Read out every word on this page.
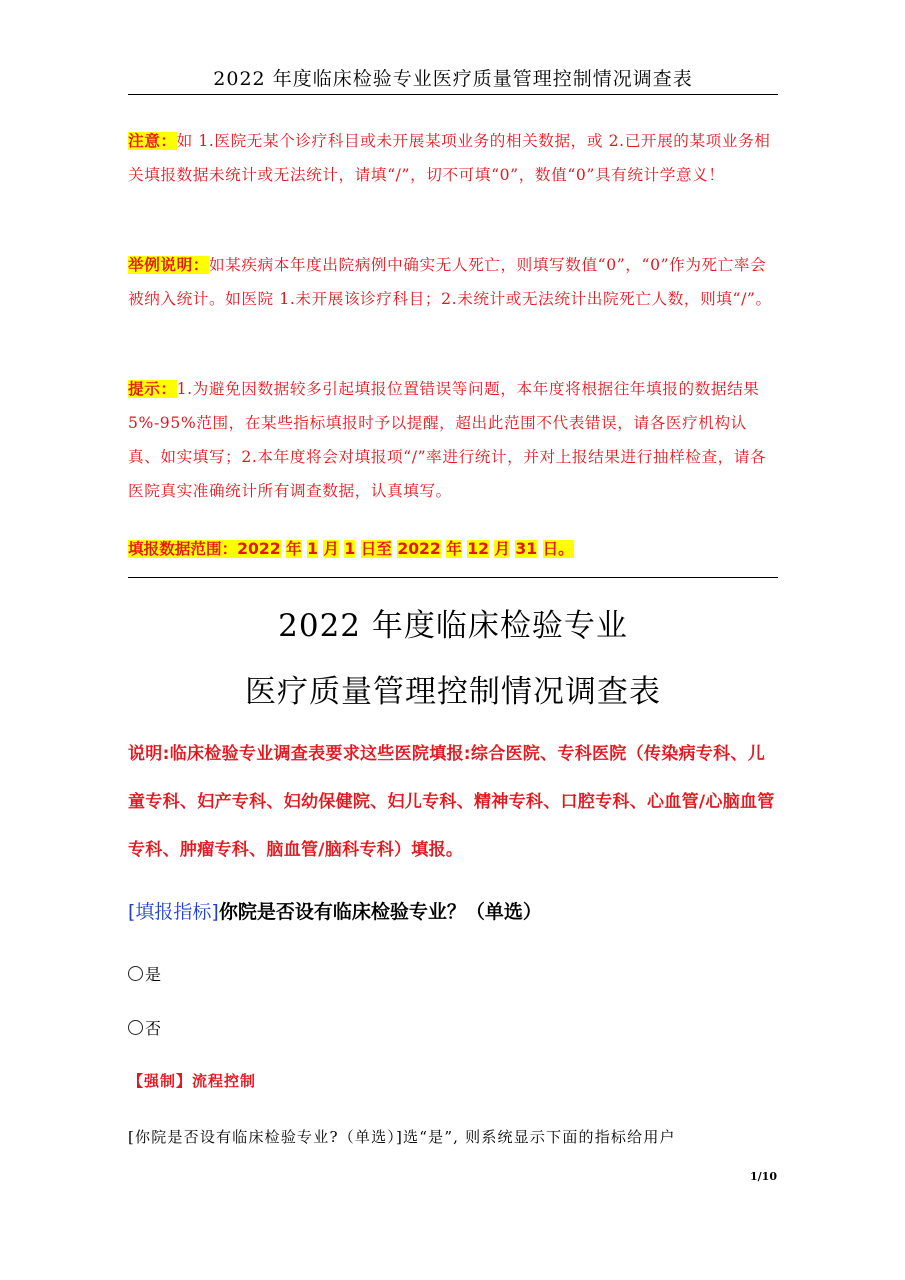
2022 年度临床检验专业医疗质量管理控制情况调查表
注意：如 1.医院无某个诊疗科目或未开展某项业务的相关数据，或 2.已开展的某项业务相关填报数据未统计或无法统计，请填“/”，切不可填“0”，数值“0”具有统计学意义！
举例说明：如某疾病本年度出院病例中确实无人死亡，则填写数值“0”，“0”作为死亡率会被纳入统计。如医院 1.未开展该诊疗科目；2.未统计或无法统计出院死亡人数，则填“/”。
提示：1.为避免因数据较多引起填报位置错误等问题，本年度将根据往年填报的数据结果 5%-95%范围，在某些指标填报时予以提醒，超出此范围不代表错误，请各医疗机构认真、如实填写；2.本年度将会对填报项“/”率进行统计，并对上报结果进行抽样检查，请各医院真实准确统计所有调查数据，认真填写。
填报数据范围：2022 年 1 月 1 日至 2022 年 12 月 31 日。
2022 年度临床检验专业
医疗质量管理控制情况调查表
说明:临床检验专业调查表要求这些医院填报:综合医院、专科医院（传染病专科、儿童专科、妇产专科、妇幼保健院、妇儿专科、精神专科、口腔专科、心血管/心脑血管专科、肿瘤专科、脑血管/脑科专科）填报。
[填报指标]你院是否设有临床检验专业？（单选）
是
否
【强制】流程控制
[你院是否设有临床检验专业?（单选）]选“是”, 则系统显示下面的指标给用户
1/10
